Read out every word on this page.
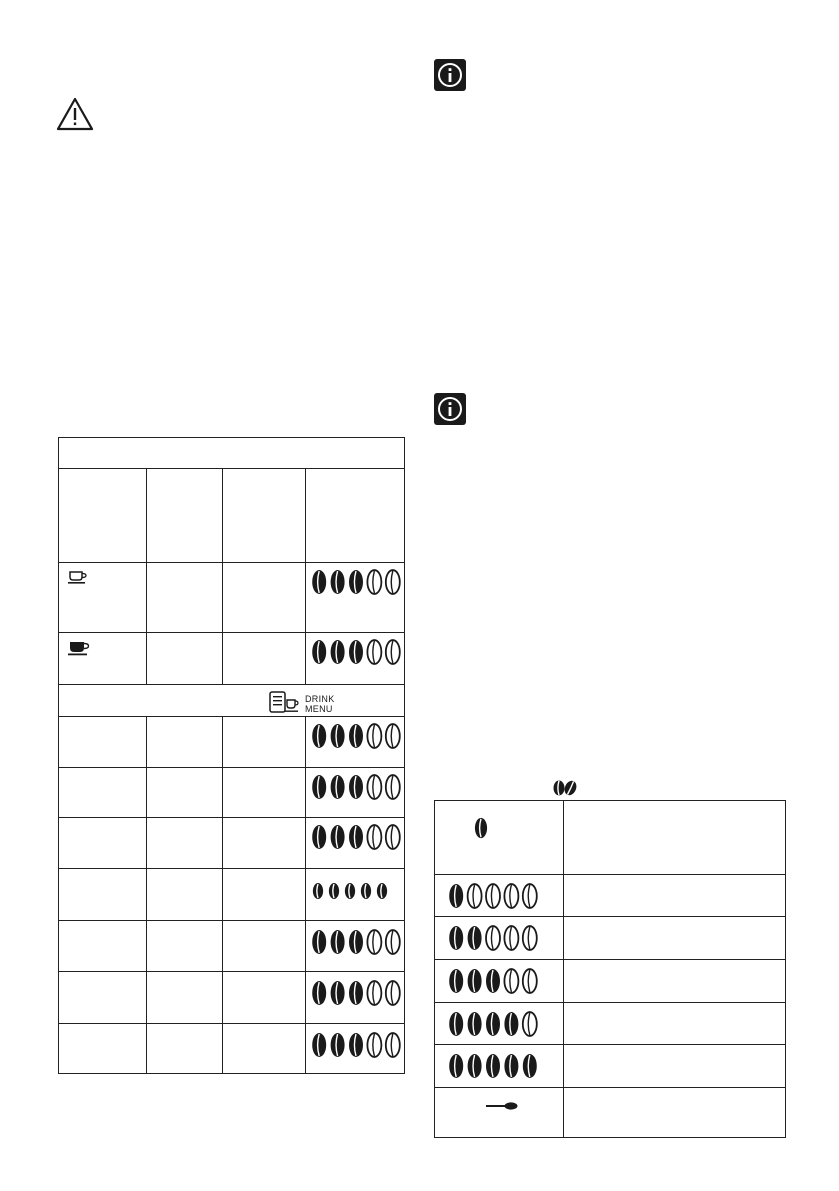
DRINK
MENU
